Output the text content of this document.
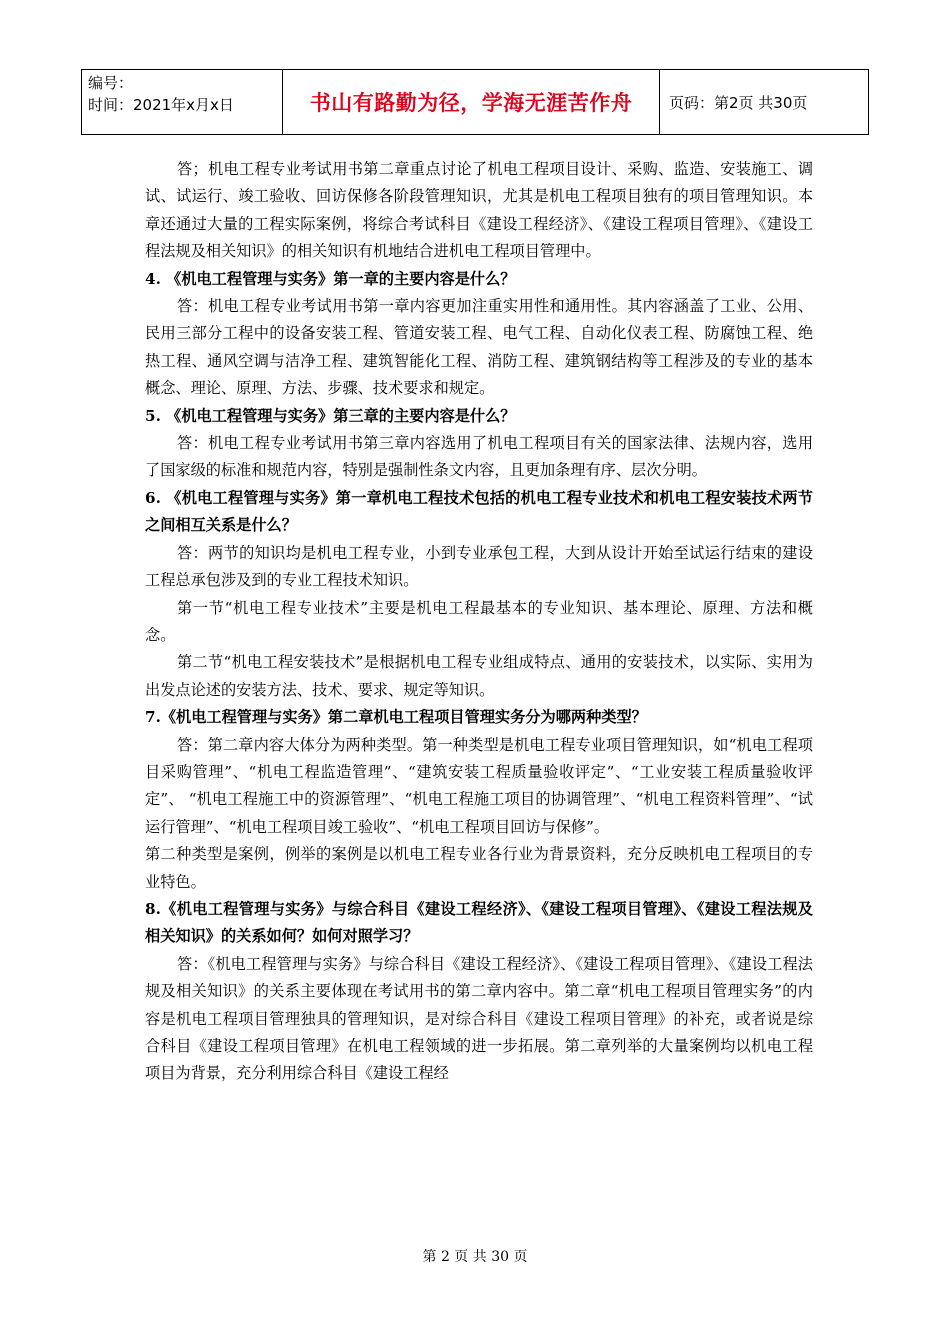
编号：
时间：2021年x月x日	书山有路勤为径，学海无涯苦作舟	页码：第2页 共30页

答；机电工程专业考试用书第二章重点讨论了机电工程项目设计、采购、监造、安装施工、调试、试运行、竣工验收、回访保修各阶段管理知识，尤其是机电工程项目独有的项目管理知识。本章还通过大量的工程实际案例，将综合考试科目《建设工程经济》、《建设工程项目管理》、《建设工程法规及相关知识》的相关知识有机地结合进机电工程项目管理中。

4. 《机电工程管理与实务》第一章的主要内容是什么？

答：机电工程专业考试用书第一章内容更加注重实用性和通用性。其内容涵盖了工业、公用、民用三部分工程中的设备安装工程、管道安装工程、电气工程、自动化仪表工程、防腐蚀工程、绝热工程、通风空调与洁净工程、建筑智能化工程、消防工程、建筑钢结构等工程涉及的专业的基本概念、理论、原理、方法、步骤、技术要求和规定。

5. 《机电工程管理与实务》第三章的主要内容是什么？

答：机电工程专业考试用书第三章内容选用了机电工程项目有关的国家法律、法规内容，选用了国家级的标准和规范内容，特别是强制性条文内容，且更加条理有序、层次分明。

6. 《机电工程管理与实务》第一章机电工程技术包括的机电工程专业技术和机电工程安装技术两节之间相互关系是什么？

答：两节的知识均是机电工程专业，小到专业承包工程，大到从设计开始至试运行结束的建设工程总承包涉及到的专业工程技术知识。

第一节“机电工程专业技术”主要是机电工程最基本的专业知识、基本理论、原理、方法和概念。

第二节“机电工程安装技术”是根据机电工程专业组成特点、通用的安装技术，以实际、实用为出发点论述的安装方法、技术、要求、规定等知识。

7.《机电工程管理与实务》第二章机电工程项目管理实务分为哪两种类型？

答：第二章内容大体分为两种类型。第一种类型是机电工程专业项目管理知识，如“机电工程项目采购管理”、“机电工程监造管理”、“建筑安装工程质量验收评定”、“工业安装工程质量验收评定”、 “机电工程施工中的资源管理”、“机电工程施工项目的协调管理”、“机电工程资料管理”、“试运行管理”、“机电工程项目竣工验收”、“机电工程项目回访与保修”。

第二种类型是案例，例举的案例是以机电工程专业各行业为背景资料，充分反映机电工程项目的专业特色。

8.《机电工程管理与实务》与综合科目《建设工程经济》、《建设工程项目管理》、《建设工程法规及相关知识》的关系如何？如何对照学习？

答：《机电工程管理与实务》与综合科目《建设工程经济》、《建设工程项目管理》、《建设工程法规及相关知识》的关系主要体现在考试用书的第二章内容中。第二章“机电工程项目管理实务”的内容是机电工程项目管理独具的管理知识，是对综合科目《建设工程项目管理》的补充，或者说是综合科目《建设工程项目管理》在机电工程领域的进一步拓展。第二章列举的大量案例均以机电工程项目为背景，充分利用综合科目《建设工程经

第 2 页 共 30 页
